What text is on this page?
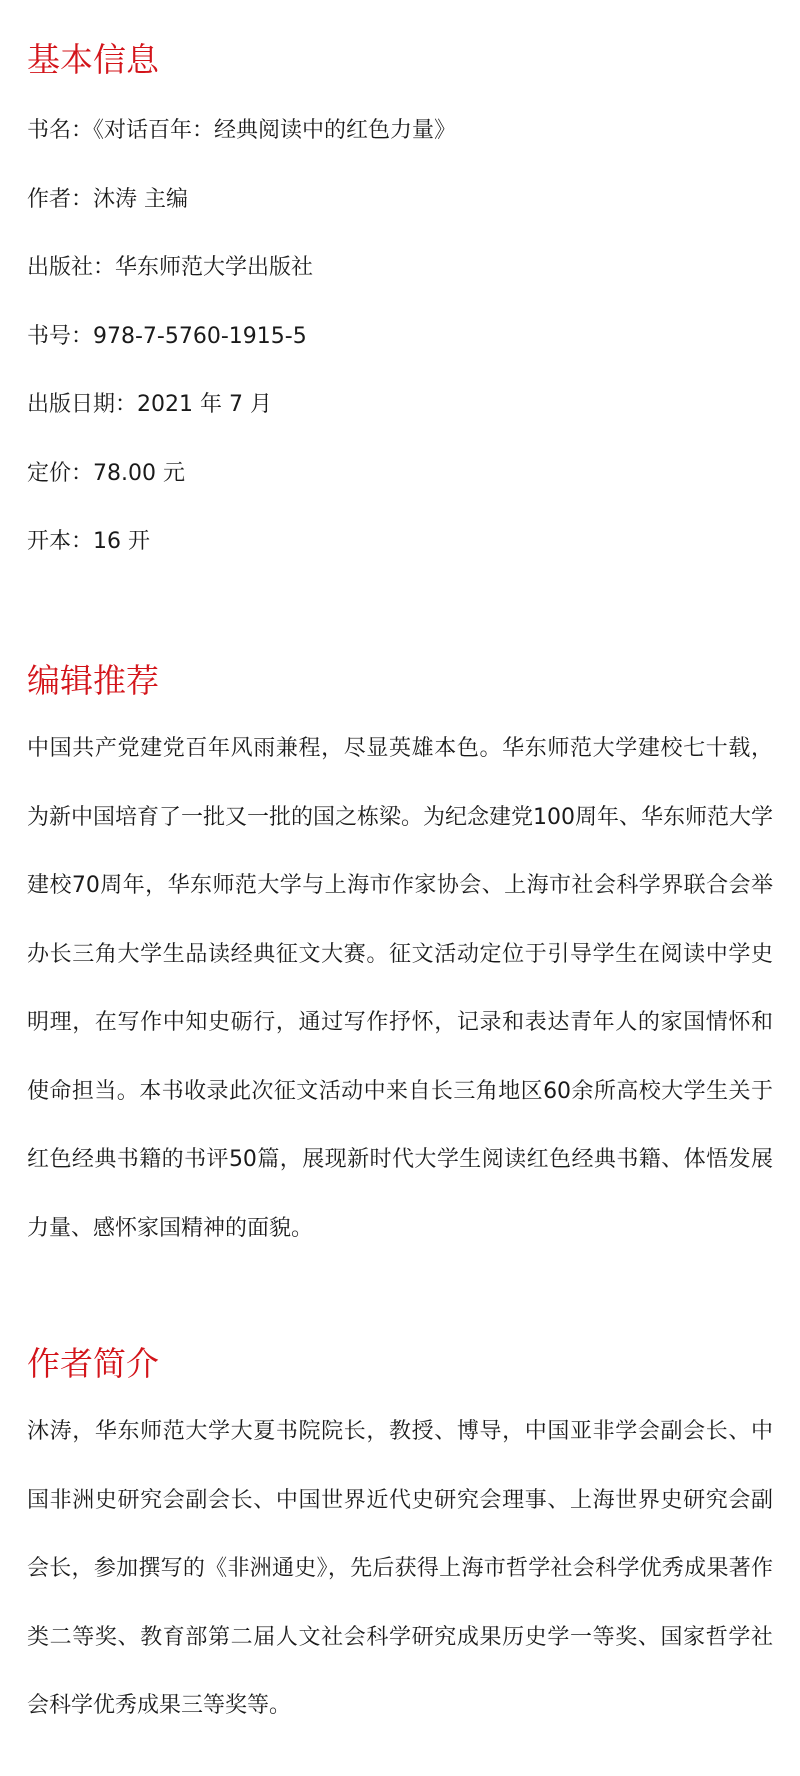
基本信息
书名：《对话百年：经典阅读中的红色力量》
作者：沐涛 主编
出版社：华东师范大学出版社
书号：978-7-5760-1915-5
出版日期：2021 年 7 月
定价：78.00 元
开本：16 开
编辑推荐

中国共产党建党百年风雨兼程，尽显英雄本色。华东师范大学建校七十载，为新中国培育了一批又一批的国之栋梁。为纪念建党100周年、华东师范大学建校70周年，华东师范大学与上海市作家协会、上海市社会科学界联合会举办长三角大学生品读经典征文大赛。征文活动定位于引导学生在阅读中学史明理，在写作中知史砺行，通过写作抒怀，记录和表达青年人的家国情怀和使命担当。本书收录此次征文活动中来自长三角地区60余所高校大学生关于红色经典书籍的书评50篇，展现新时代大学生阅读红色经典书籍、体悟发展力量、感怀家国精神的面貌。

作者简介

沐涛，华东师范大学大夏书院院长，教授、博导，中国亚非学会副会长、中国非洲史研究会副会长、中国世界近代史研究会理事、上海世界史研究会副会长，参加撰写的《非洲通史》，先后获得上海市哲学社会科学优秀成果著作类二等奖、教育部第二届人文社会科学研究成果历史学一等奖、国家哲学社会科学优秀成果三等奖等。
